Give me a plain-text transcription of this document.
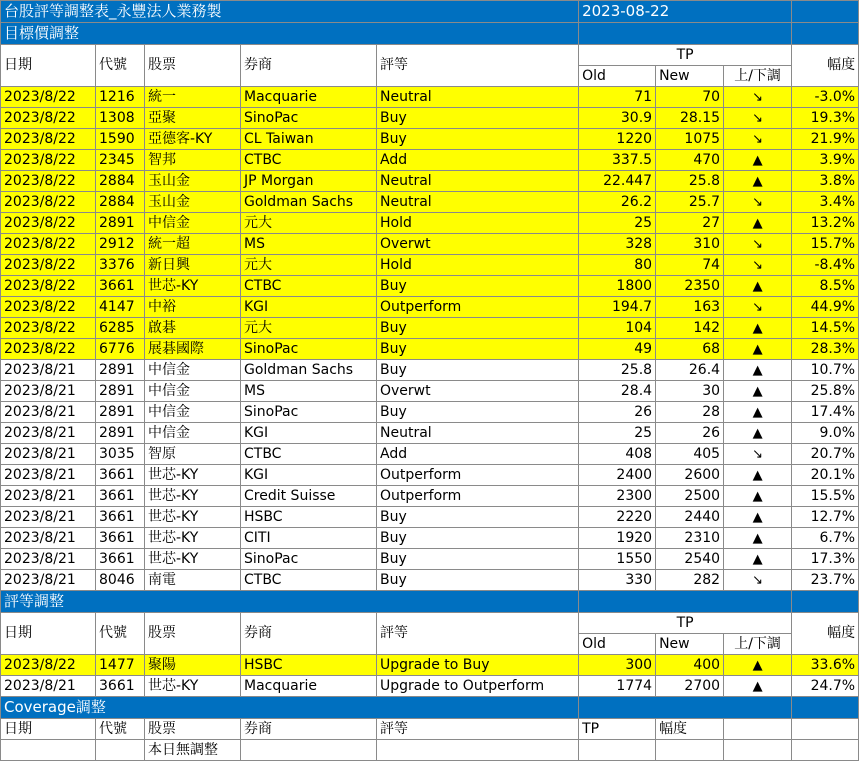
台股評等調整表_永豐法人業務製					2023-08-22			
目標價調整								
日期	代號	股票	券商	評等	TP			幅度
					Old	New	上/下調	
2023/8/22	1216	統一	Macquarie	Neutral	71	70	↘	-3.0%
2023/8/22	1308	亞聚	SinoPac	Buy	30.9	28.15	↘	19.3%
2023/8/22	1590	亞德客-KY	CL Taiwan	Buy	1220	1075	↘	21.9%
2023/8/22	2345	智邦	CTBC	Add	337.5	470	▲	3.9%
2023/8/22	2884	玉山金	JP Morgan	Neutral	22.447	25.8	▲	3.8%
2023/8/22	2884	玉山金	Goldman Sachs	Neutral	26.2	25.7	↘	3.4%
2023/8/22	2891	中信金	元大	Hold	25	27	▲	13.2%
2023/8/22	2912	統一超	MS	Overwt	328	310	↘	15.7%
2023/8/22	3376	新日興	元大	Hold	80	74	↘	-8.4%
2023/8/22	3661	世芯-KY	CTBC	Buy	1800	2350	▲	8.5%
2023/8/22	4147	中裕	KGI	Outperform	194.7	163	↘	44.9%
2023/8/22	6285	啟碁	元大	Buy	104	142	▲	14.5%
2023/8/22	6776	展碁國際	SinoPac	Buy	49	68	▲	28.3%
2023/8/21	2891	中信金	Goldman Sachs	Buy	25.8	26.4	▲	10.7%
2023/8/21	2891	中信金	MS	Overwt	28.4	30	▲	25.8%
2023/8/21	2891	中信金	SinoPac	Buy	26	28	▲	17.4%
2023/8/21	2891	中信金	KGI	Neutral	25	26	▲	9.0%
2023/8/21	3035	智原	CTBC	Add	408	405	↘	20.7%
2023/8/21	3661	世芯-KY	KGI	Outperform	2400	2600	▲	20.1%
2023/8/21	3661	世芯-KY	Credit Suisse	Outperform	2300	2500	▲	15.5%
2023/8/21	3661	世芯-KY	HSBC	Buy	2220	2440	▲	12.7%
2023/8/21	3661	世芯-KY	CITI	Buy	1920	2310	▲	6.7%
2023/8/21	3661	世芯-KY	SinoPac	Buy	1550	2540	▲	17.3%
2023/8/21	8046	南電	CTBC	Buy	330	282	↘	23.7%
評等調整								
日期	代號	股票	券商	評等	TP			幅度
					Old	New	上/下調	
2023/8/22	1477	聚陽	HSBC	Upgrade to Buy	300	400	▲	33.6%
2023/8/21	3661	世芯-KY	Macquarie	Upgrade to Outperform	1774	2700	▲	24.7%
Coverage調整								
日期	代號	股票	券商	評等	TP	幅度		
		本日無調整						
